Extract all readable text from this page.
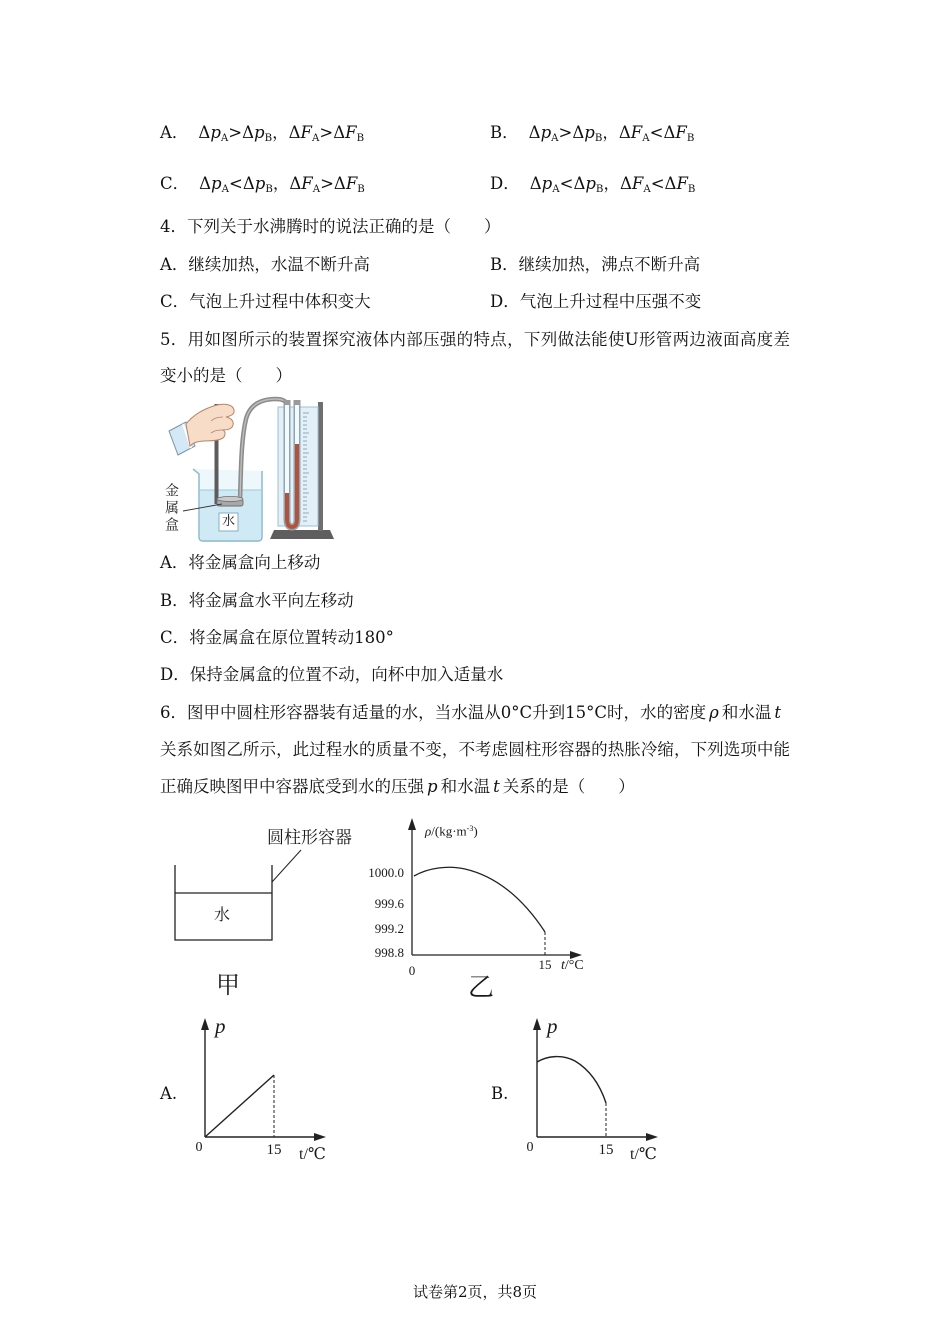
A． $\Delta p_A>\Delta p_B$，$\Delta F_A>\Delta F_B$	B． $\Delta p_A>\Delta p_B$，$\Delta F_A<\Delta F_B$
C． $\Delta p_A<\Delta p_B$，$\Delta F_A>\Delta F_B$	D． $\Delta p_A<\Delta p_B$，$\Delta F_A<\Delta F_B$
4．下列关于水沸腾时的说法正确的是（　　）
A．继续加热，水温不断升高	B．继续加热，沸点不断升高
C．气泡上升过程中体积变大	D．气泡上升过程中压强不变
5．用如图所示的装置探究液体内部压强的特点，下列做法能使U形管两边液面高度差
变小的是（　　）
金属盒	水
A．将金属盒向上移动
B．将金属盒水平向左移动
C．将金属盒在原位置转动180°
D．保持金属盒的位置不动，向杯中加入适量水
6．图甲中圆柱形容器装有适量的水，当水温从0°C升到15°C时，水的密度 ρ 和水温 t
关系如图乙所示，此过程水的质量不变，不考虑圆柱形容器的热胀冷缩，下列选项中能
正确反映图甲中容器底受到水的压强 p 和水温 t 关系的是（　　）
圆柱形容器
水
甲
$\rho/(kg\cdot m^{-3})$
1000.0
999.6
999.2
998.8
0	15 t/°C
乙
A.
p
0	15 t/℃
B.
p
0	15 t/℃
试卷第2页，共8页
